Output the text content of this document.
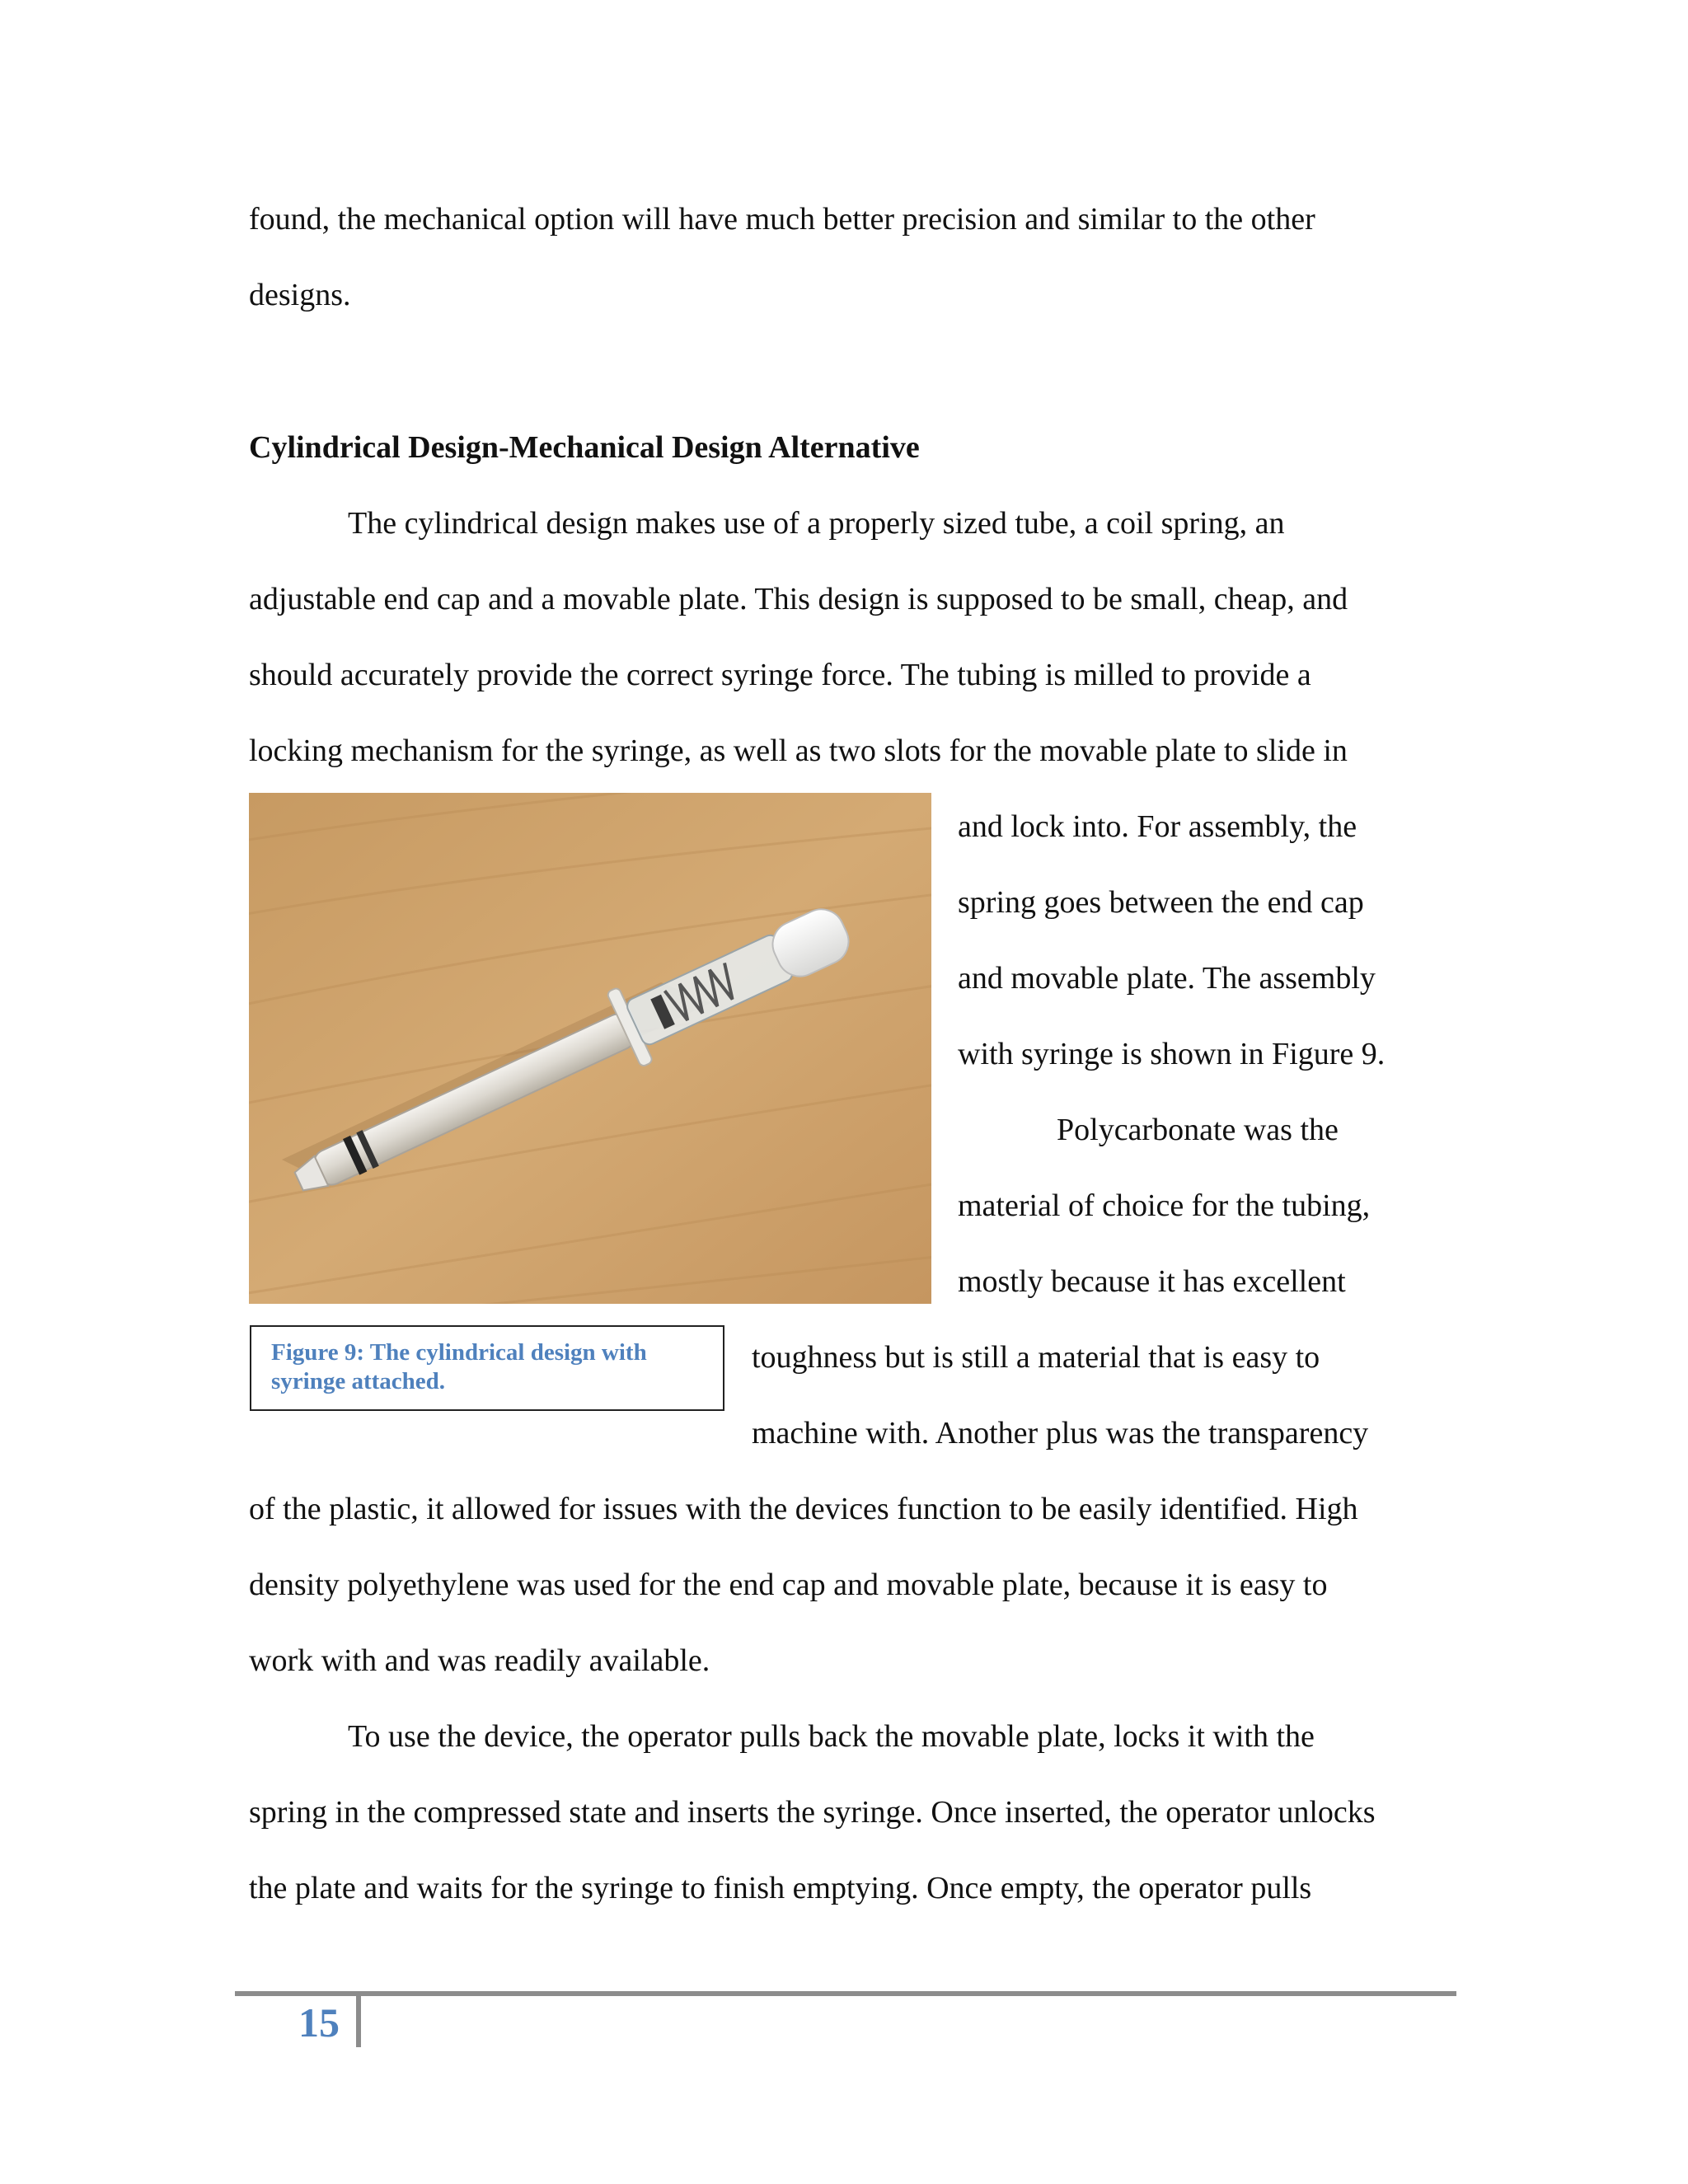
found, the mechanical option will have much better precision and similar to the other

designs.

Cylindrical Design-Mechanical Design Alternative

The cylindrical design makes use of a properly sized tube, a coil spring, an

adjustable end cap and a movable plate. This design is supposed to be small, cheap, and

should accurately provide the correct syringe force. The tubing is milled to provide a

locking mechanism for the syringe, as well as two slots for the movable plate to slide in

and lock into. For assembly, the

spring goes between the end cap

and movable plate. The assembly

with syringe is shown in Figure 9.

Polycarbonate was the

material of choice for the tubing,

mostly because it has excellent

toughness but is still a material that is easy to

machine with. Another plus was the transparency

of the plastic, it allowed for issues with the devices function to be easily identified. High

density polyethylene was used for the end cap and movable plate, because it is easy to

work with and was readily available.

To use the device, the operator pulls back the movable plate, locks it with the

spring in the compressed state and inserts the syringe. Once inserted, the operator unlocks

the plate and waits for the syringe to finish emptying. Once empty, the operator pulls

Figure 9: The cylindrical design with
syringe attached.
15
